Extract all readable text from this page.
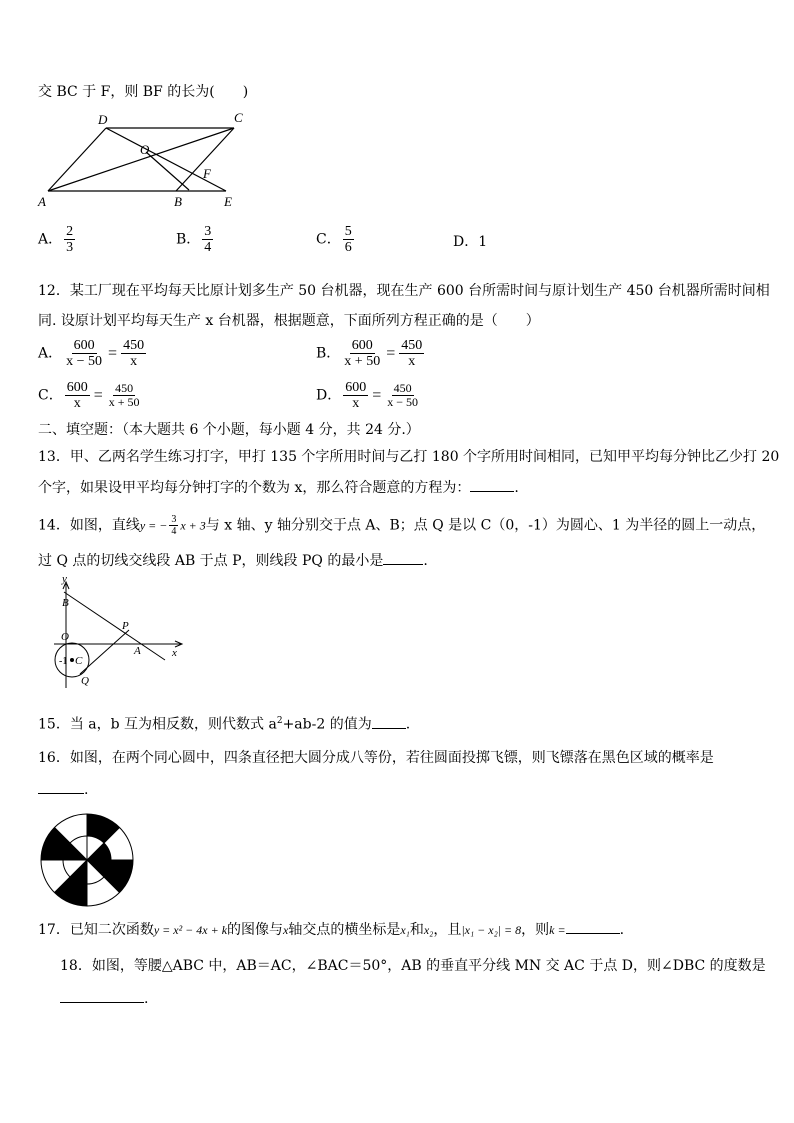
交 BC 于 F，则 BF 的长为(　　)
D	C
O
F
A	B	E
A． $\frac{2}{3}$	B． $\frac{3}{4}$	C． $\frac{5}{6}$	D．1
12．某工厂现在平均每天比原计划多生产 50 台机器，现在生产 600 台所需时间与原计划生产 450 台机器所需时间相
同. 设原计划平均每天生产 x 台机器，根据题意，下面所列方程正确的是（　　）
A． $\frac{600}{x - 50} = \frac{450}{x}$	B． $\frac{600}{x + 50} = \frac{450}{x}$
C． $\frac{600}{x} = \frac{450}{x + 50}$	D． $\frac{600}{x} = \frac{450}{x - 50}$
二、填空题：（本大题共 6 个小题，每小题 4 分，共 24 分.）
13．甲、乙两名学生练习打字，甲打 135 个字所用时间与乙打 180 个字所用时间相同，已知甲平均每分钟比乙少打 20
个字，如果设甲平均每分钟打字的个数为 x，那么符合题意的方程为：	.
14．如图，直线y = − $\frac{3}{4}$ x + 3与 x 轴、y 轴分别交于点 A、B；点 Q 是以 C（0，-1）为圆心、1 为半径的圆上一动点，
过 Q 点的切线交线段 AB 于点 P，则线段 PQ 的最小是	.
y
B
O
P
A	x
-1 C
Q
15．当 a，b 互为相反数，则代数式 $a^2+ab-2$ 的值为 .
16．如图，在两个同心圆中，四条直径把大圆分成八等份，若往圆面投掷飞镖，则飞镖落在黑色区域的概率是
.
17．已知二次函数y = x² − 4x + k的图像与x轴交点的横坐标是x₁和x₂，且|x₁ − x₂| = 8，则k =	.
18．如图，等腰△ABC 中，AB＝AC，∠BAC＝50°，AB 的垂直平分线 MN 交 AC 于点 D，则∠DBC 的度数是
.
